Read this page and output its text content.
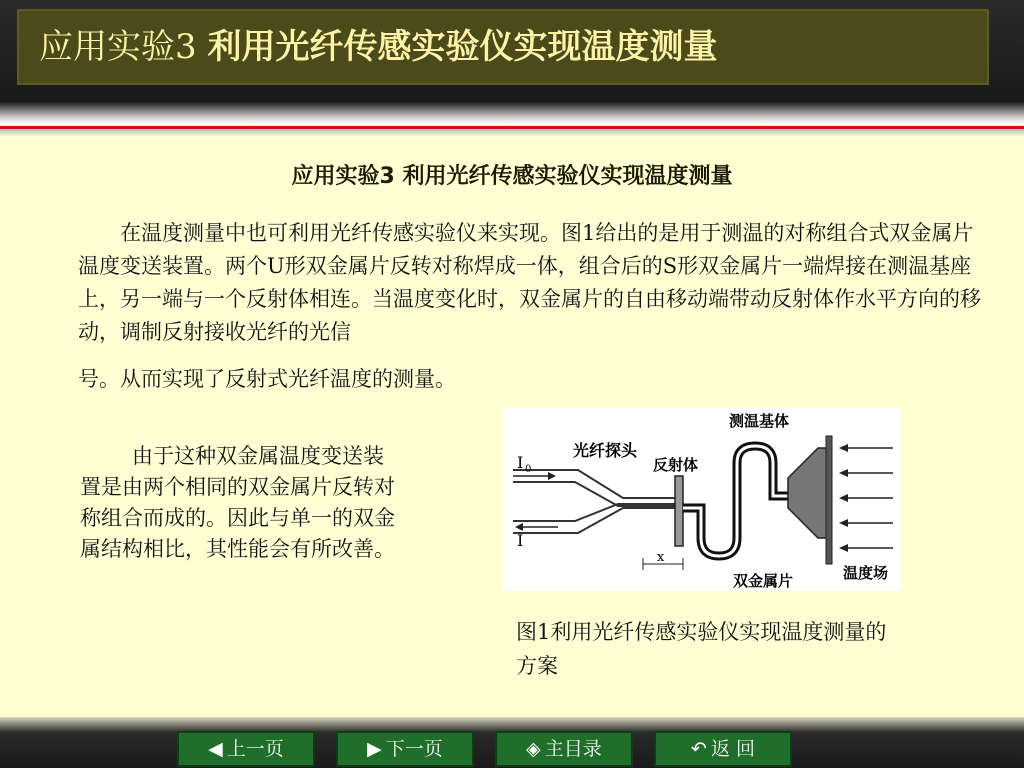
应用实验3 利用光纤传感实验仪实现温度测量
应用实验3 利用光纤传感实验仪实现温度测量
在温度测量中也可利用光纤传感实验仪来实现。图1给出的是用于测温的对称组合式双金属片温度变送装置。两个U形双金属片反转对称焊成一体，组合后的S形双金属片一端焊接在测温基座上，另一端与一个反射体相连。当温度变化时，双金属片的自由移动端带动反射体作水平方向的移动，调制反射接收光纤的光信
号。从而实现了反射式光纤温度的测量。
由于这种双金属温度变送装置是由两个相同的双金属片反转对称组合而成的。因此与单一的双金属结构相比，其性能会有所改善。
I 0
I
光纤探头
反射体
测温基体
温度场
x
双金属片
图1利用光纤传感实验仪实现温度测量的方案
◀ 上一页	▶ 下一页	◈ 主目录	↶ 返 回
